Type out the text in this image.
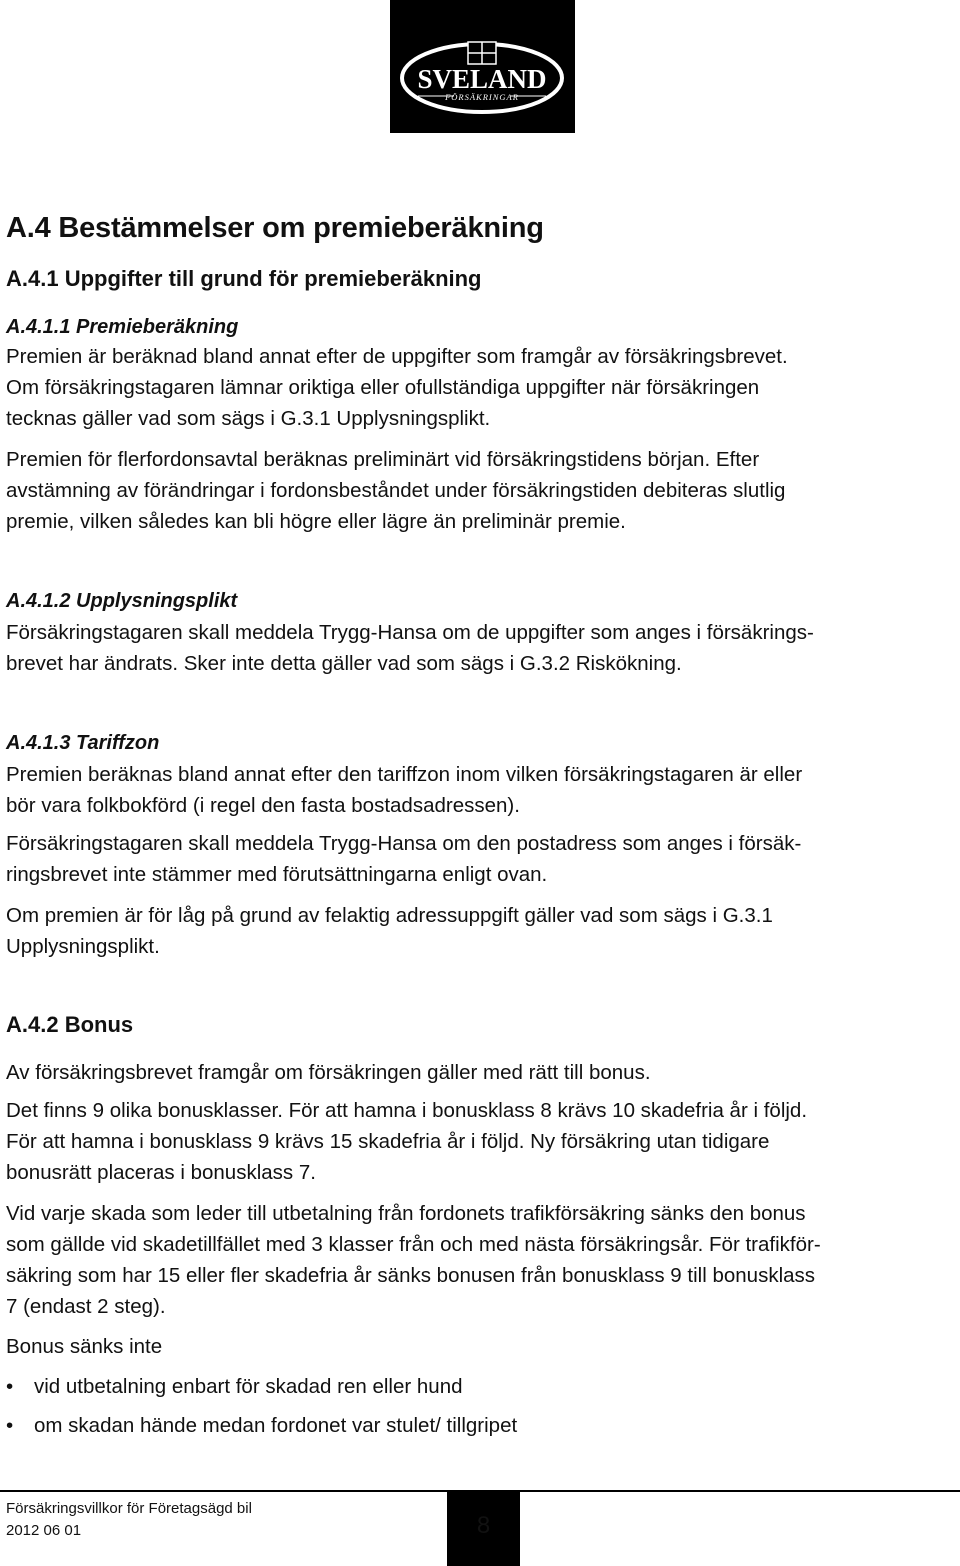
SVELAND
FÖRSÄKRINGAR
A.4 Bestämmelser om premieberäkning
A.4.1 Uppgifter till grund för premieberäkning
A.4.1.1 Premieberäkning
Premien är beräknad bland annat efter de uppgifter som framgår av försäkringsbrevet.
Om försäkringstagaren lämnar oriktiga eller ofullständiga uppgifter när försäkringen
tecknas gäller vad som sägs i G.3.1 Upplysningsplikt.
Premien för flerfordonsavtal beräknas preliminärt vid försäkringstidens början. Efter
avstämning av förändringar i fordonsbeståndet under försäkringstiden debiteras slutlig
premie, vilken således kan bli högre eller lägre än preliminär premie.
A.4.1.2 Upplysningsplikt
Försäkringstagaren skall meddela Trygg-Hansa om de uppgifter som anges i försäkrings-
brevet har ändrats. Sker inte detta gäller vad som sägs i G.3.2 Riskökning.
A.4.1.3 Tariffzon
Premien beräknas bland annat efter den tariffzon inom vilken försäkringstagaren är eller
bör vara folkbokförd (i regel den fasta bostadsadressen).
Försäkringstagaren skall meddela Trygg-Hansa om den postadress som anges i försäk-
ringsbrevet inte stämmer med förutsättningarna enligt ovan.
Om premien är för låg på grund av felaktig adressuppgift gäller vad som sägs i G.3.1
Upplysningsplikt.
A.4.2 Bonus
Av försäkringsbrevet framgår om försäkringen gäller med rätt till bonus.
Det finns 9 olika bonusklasser. För att hamna i bonusklass 8 krävs 10 skadefria år i följd.
För att hamna i bonusklass 9 krävs 15 skadefria år i följd. Ny försäkring utan tidigare
bonusrätt placeras i bonusklass 7.
Vid varje skada som leder till utbetalning från fordonets trafikförsäkring sänks den bonus
som gällde vid skadetillfället med 3 klasser från och med nästa försäkringsår. För trafikför-
säkring som har 15 eller fler skadefria år sänks bonusen från bonusklass 9 till bonusklass
7 (endast 2 steg).
Bonus sänks inte
• vid utbetalning enbart för skadad ren eller hund
• om skadan hände medan fordonet var stulet/ tillgripet
Försäkringsvillkor för Företagsägd bil
2012 06 01	8
